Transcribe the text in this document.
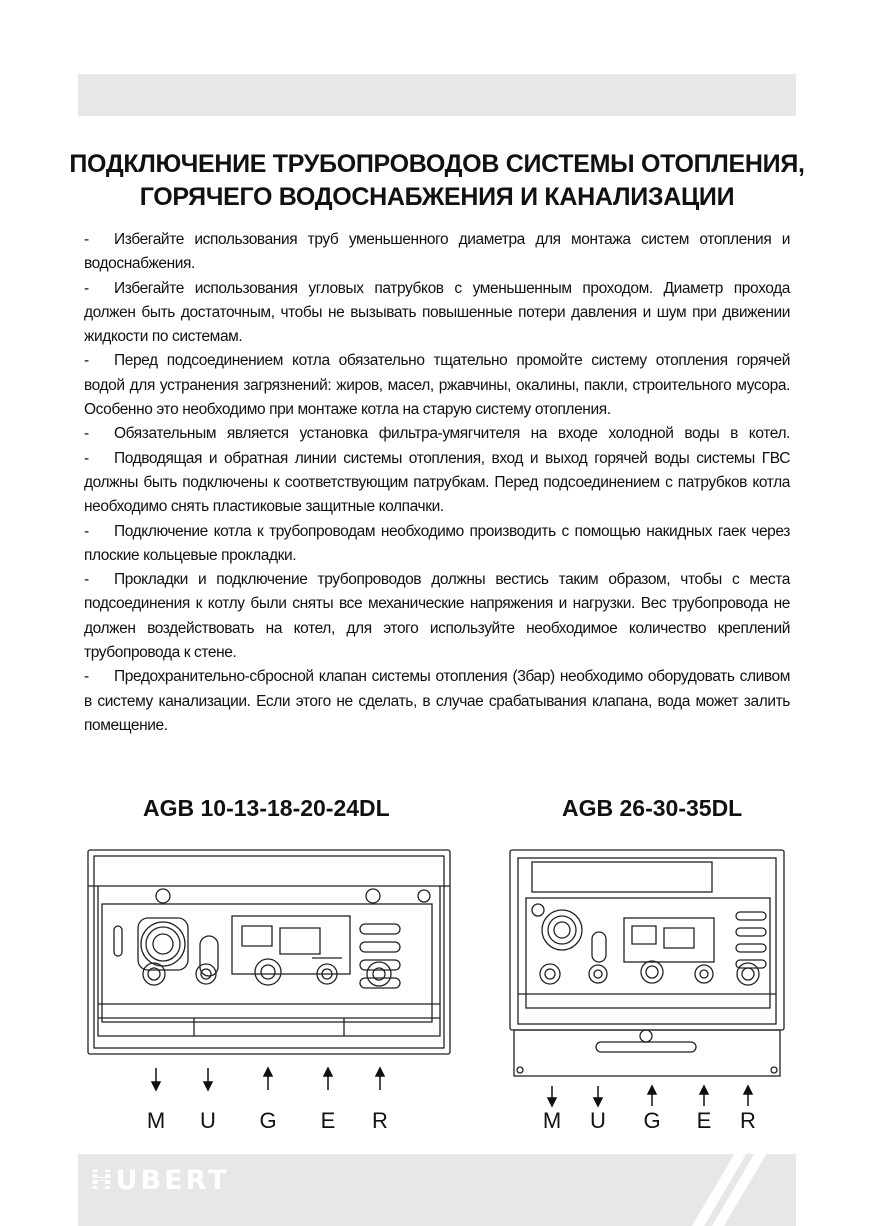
ПОДКЛЮЧЕНИЕ ТРУБОПРОВОДОВ СИСТЕМЫ ОТОПЛЕНИЯ,
ГОРЯЧЕГО ВОДОСНАБЖЕНИЯ И КАНАЛИЗАЦИИ

- Избегайте использования труб уменьшенного диаметра для монтажа систем отопления и водоснабжения.

- Избегайте использования угловых патрубков с уменьшенным проходом. Диаметр прохода должен быть достаточным, чтобы не вызывать повышенные потери давления и шум при движении жидкости по системам.

- Перед подсоединением котла обязательно тщательно промойте систему отопления горячей водой для устранения загрязнений: жиров, масел, ржавчины, окалины, пакли, строительного мусора. Особенно это необходимо при монтаже котла на старую систему отопления.

- Обязательным является установка фильтра-умягчителя на входе холодной воды в котел.

- Подводящая и обратная линии системы отопления, вход и выход горячей воды системы ГВС должны быть подключены к соответствующим патрубкам. Перед подсоединением с патрубков котла необходимо снять пластиковые защитные колпачки.

- Подключение котла к трубопроводам необходимо производить с помощью накидных гаек через плоские кольцевые прокладки.

- Прокладки и подключение трубопроводов должны вестись таким образом, чтобы с места подсоединения к котлу были сняты все механические напряжения и нагрузки. Вес трубопровода не должен воздействовать на котел, для этого используйте необходимое количество креплений трубопровода к стене.

- Предохранительно-сбросной клапан системы отопления (3бар) необходимо оборудовать сливом в систему канализации. Если этого не сделать, в случае срабатывания клапана, вода может залить помещение.

AGB 10-13-18-20-24DL	AGB 26-30-35DL
M	U	G	E	R	M	U	G	E	R
HUBERT
